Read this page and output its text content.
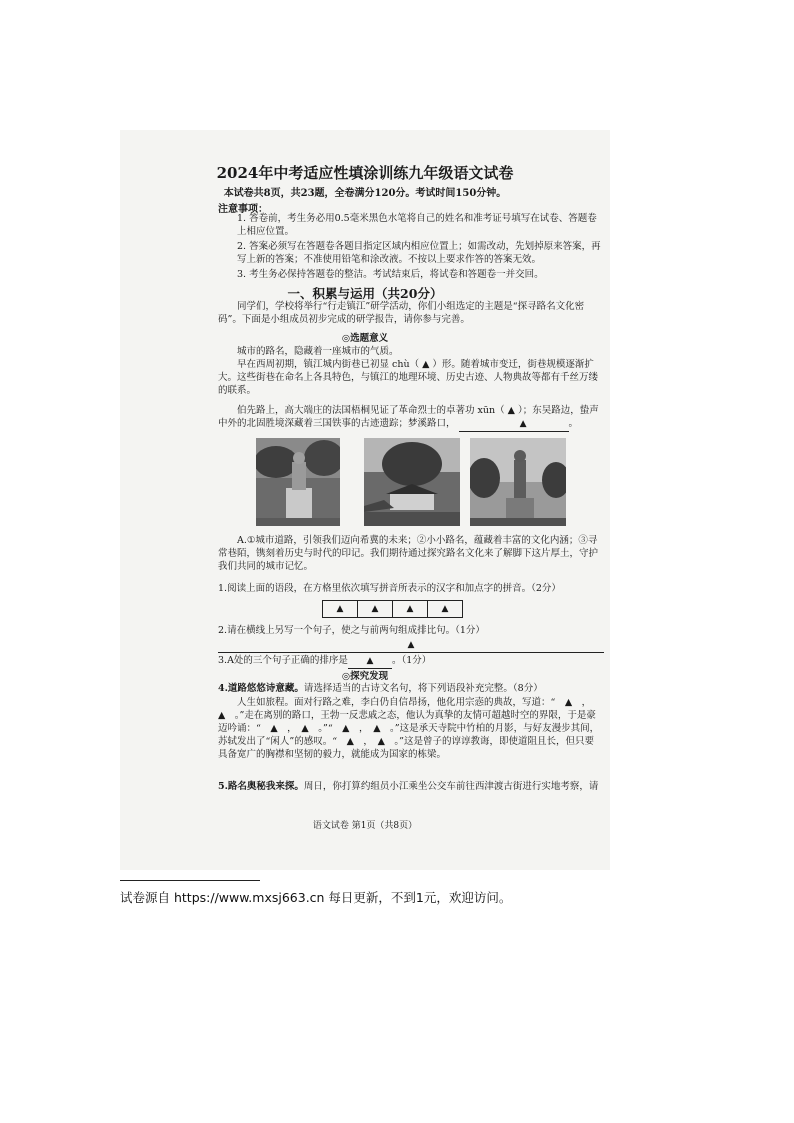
2024年中考适应性填涂训练九年级语文试卷
本试卷共8页，共23题，全卷满分120分。考试时间150分钟。
注意事项：
1. 答卷前，考生务必用0.5毫米黑色水笔将自己的姓名和准考证号填写在试卷、答题卷上相应位置。
2. 答案必须写在答题卷各题目指定区域内相应位置上；如需改动，先划掉原来答案，再写上新的答案；不准使用铅笔和涂改液。不按以上要求作答的答案无效。
3. 考生务必保持答题卷的整洁。考试结束后，将试卷和答题卷一并交回。
一、积累与运用（共20分）
同学们，学校将举行“行走镇江”研学活动，你们小组选定的主题是“探寻路名文化密码”。下面是小组成员初步完成的研学报告，请你参与完善。
◎选题意义
城市的路名，隐藏着一座城市的气质。
早在西周初期，镇江城内街巷已初显 chù（ ▲ ）形。随着城市变迁，街巷规模逐渐扩大。这些街巷在命名上各具特色，与镇江的地理环境、历史古迹、人物典故等都有千丝万缕的联系。
伯先路上，高大端庄的法国梧桐见证了革命烈士的卓著功 xūn（ ▲ ）；东吴路边，蛰声中外的北固胜境深藏着三国铁事的古迹遗踪；梦溪路口，	▲	。
A.①城市道路，引领我们迈向希冀的未来；②小小路名，蕴藏着丰富的文化内涵；③寻常巷陌，镌刻着历史与时代的印记。我们期待通过探究路名文化来了解脚下这片厚土，守护我们共同的城市记忆。
1.阅读上面的语段，在方格里依次填写拼音所表示的汉字和加点字的拼音。（2分）
▲	▲	▲	▲
2.请在横线上另写一个句子，使之与前两句组成排比句。（1分）
▲
3.A处的三个句子正确的排序是 ▲ 。（1分）
◎探究发现
4.道路悠悠诗意藏。请选择适当的古诗文名句，将下列语段补充完整。（8分）
人生如旅程。面对行路之难，李白仍自信昂扬，他化用宗悫的典故，写道：“　▲　，　▲　。”走在离别的路口，王勃一反悲戚之态，他认为真挚的友情可超越时空的界限，于是豪迈吟诵：“　▲　，　▲　。”“　▲　，　▲　。”这是承天寺院中竹柏的月影，与好友漫步其间，苏轼发出了“闲人”的感叹。“　▲　，　▲　。”这是曾子的谆谆教诲，即使道阻且长，但只要具备宽广的胸襟和坚韧的毅力，就能成为国家的栋梁。
5.路名奥秘我来探。周日，你打算约组员小江乘坐公交车前往西津渡古街进行实地考察，请
语文试卷 第1页（共8页）
试卷源自 https://www.mxsj663.cn 每日更新，不到1元，欢迎访问。
